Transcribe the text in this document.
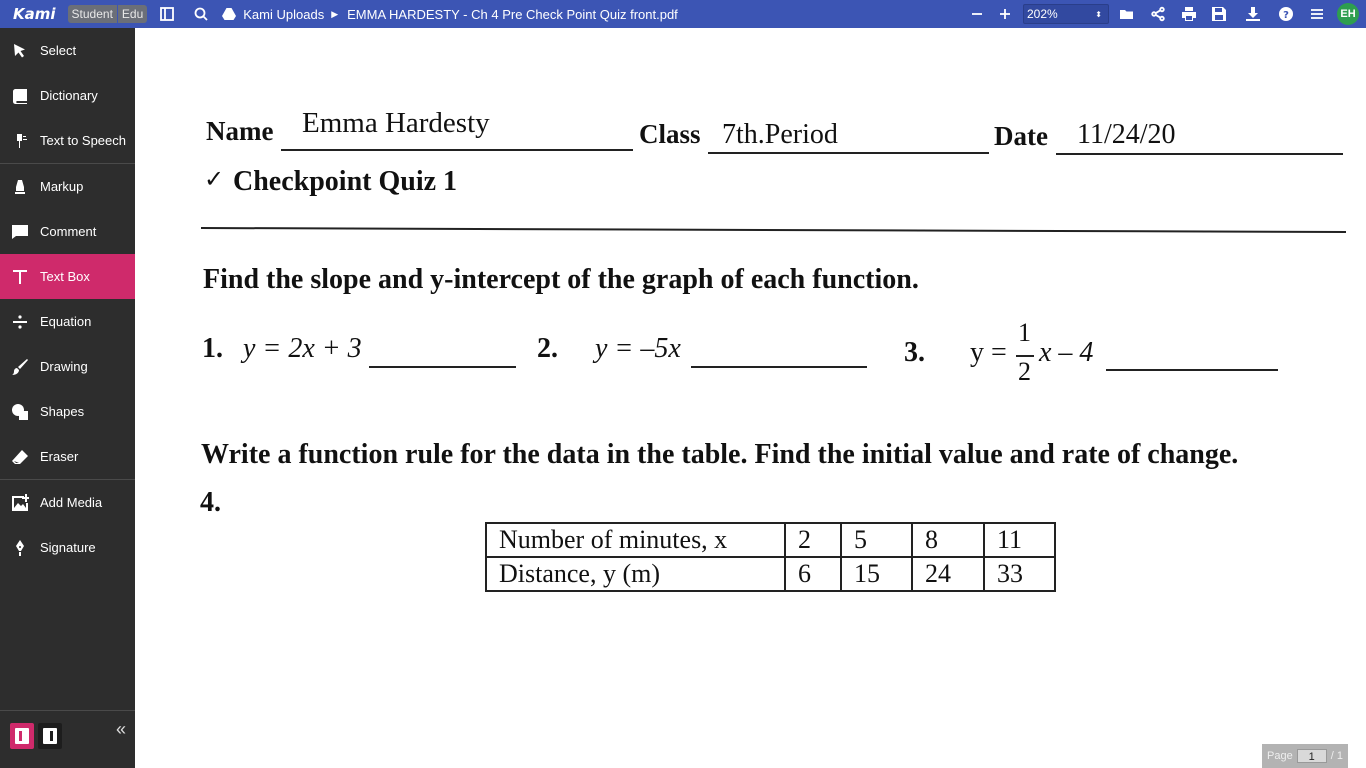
Kami	Student Edu	Kami Uploads ▶ EMMA HARDESTY - Ch 4 Pre Check Point Quiz front.pdf	202%	⬍	?	EH
Select
Dictionary
Text to Speech
Markup
Comment
Text Box
Equation
Drawing
Shapes
Eraser
Add Media
Signature
«
Name Emma Hardesty	Class 7th.Period	Date 11/24/20
✓ Checkpoint Quiz 1
Find the slope and y-intercept of the graph of each function.
1. y = 2x + 3	2. y = –5x	3. y =
1
2
x – 4
Write a function rule for the data in the table. Find the initial value and rate of change.
4.
Number of minutes, x	2	5	8	11
Distance, y (m)	6	15	24	33
Page	1	/ 1
